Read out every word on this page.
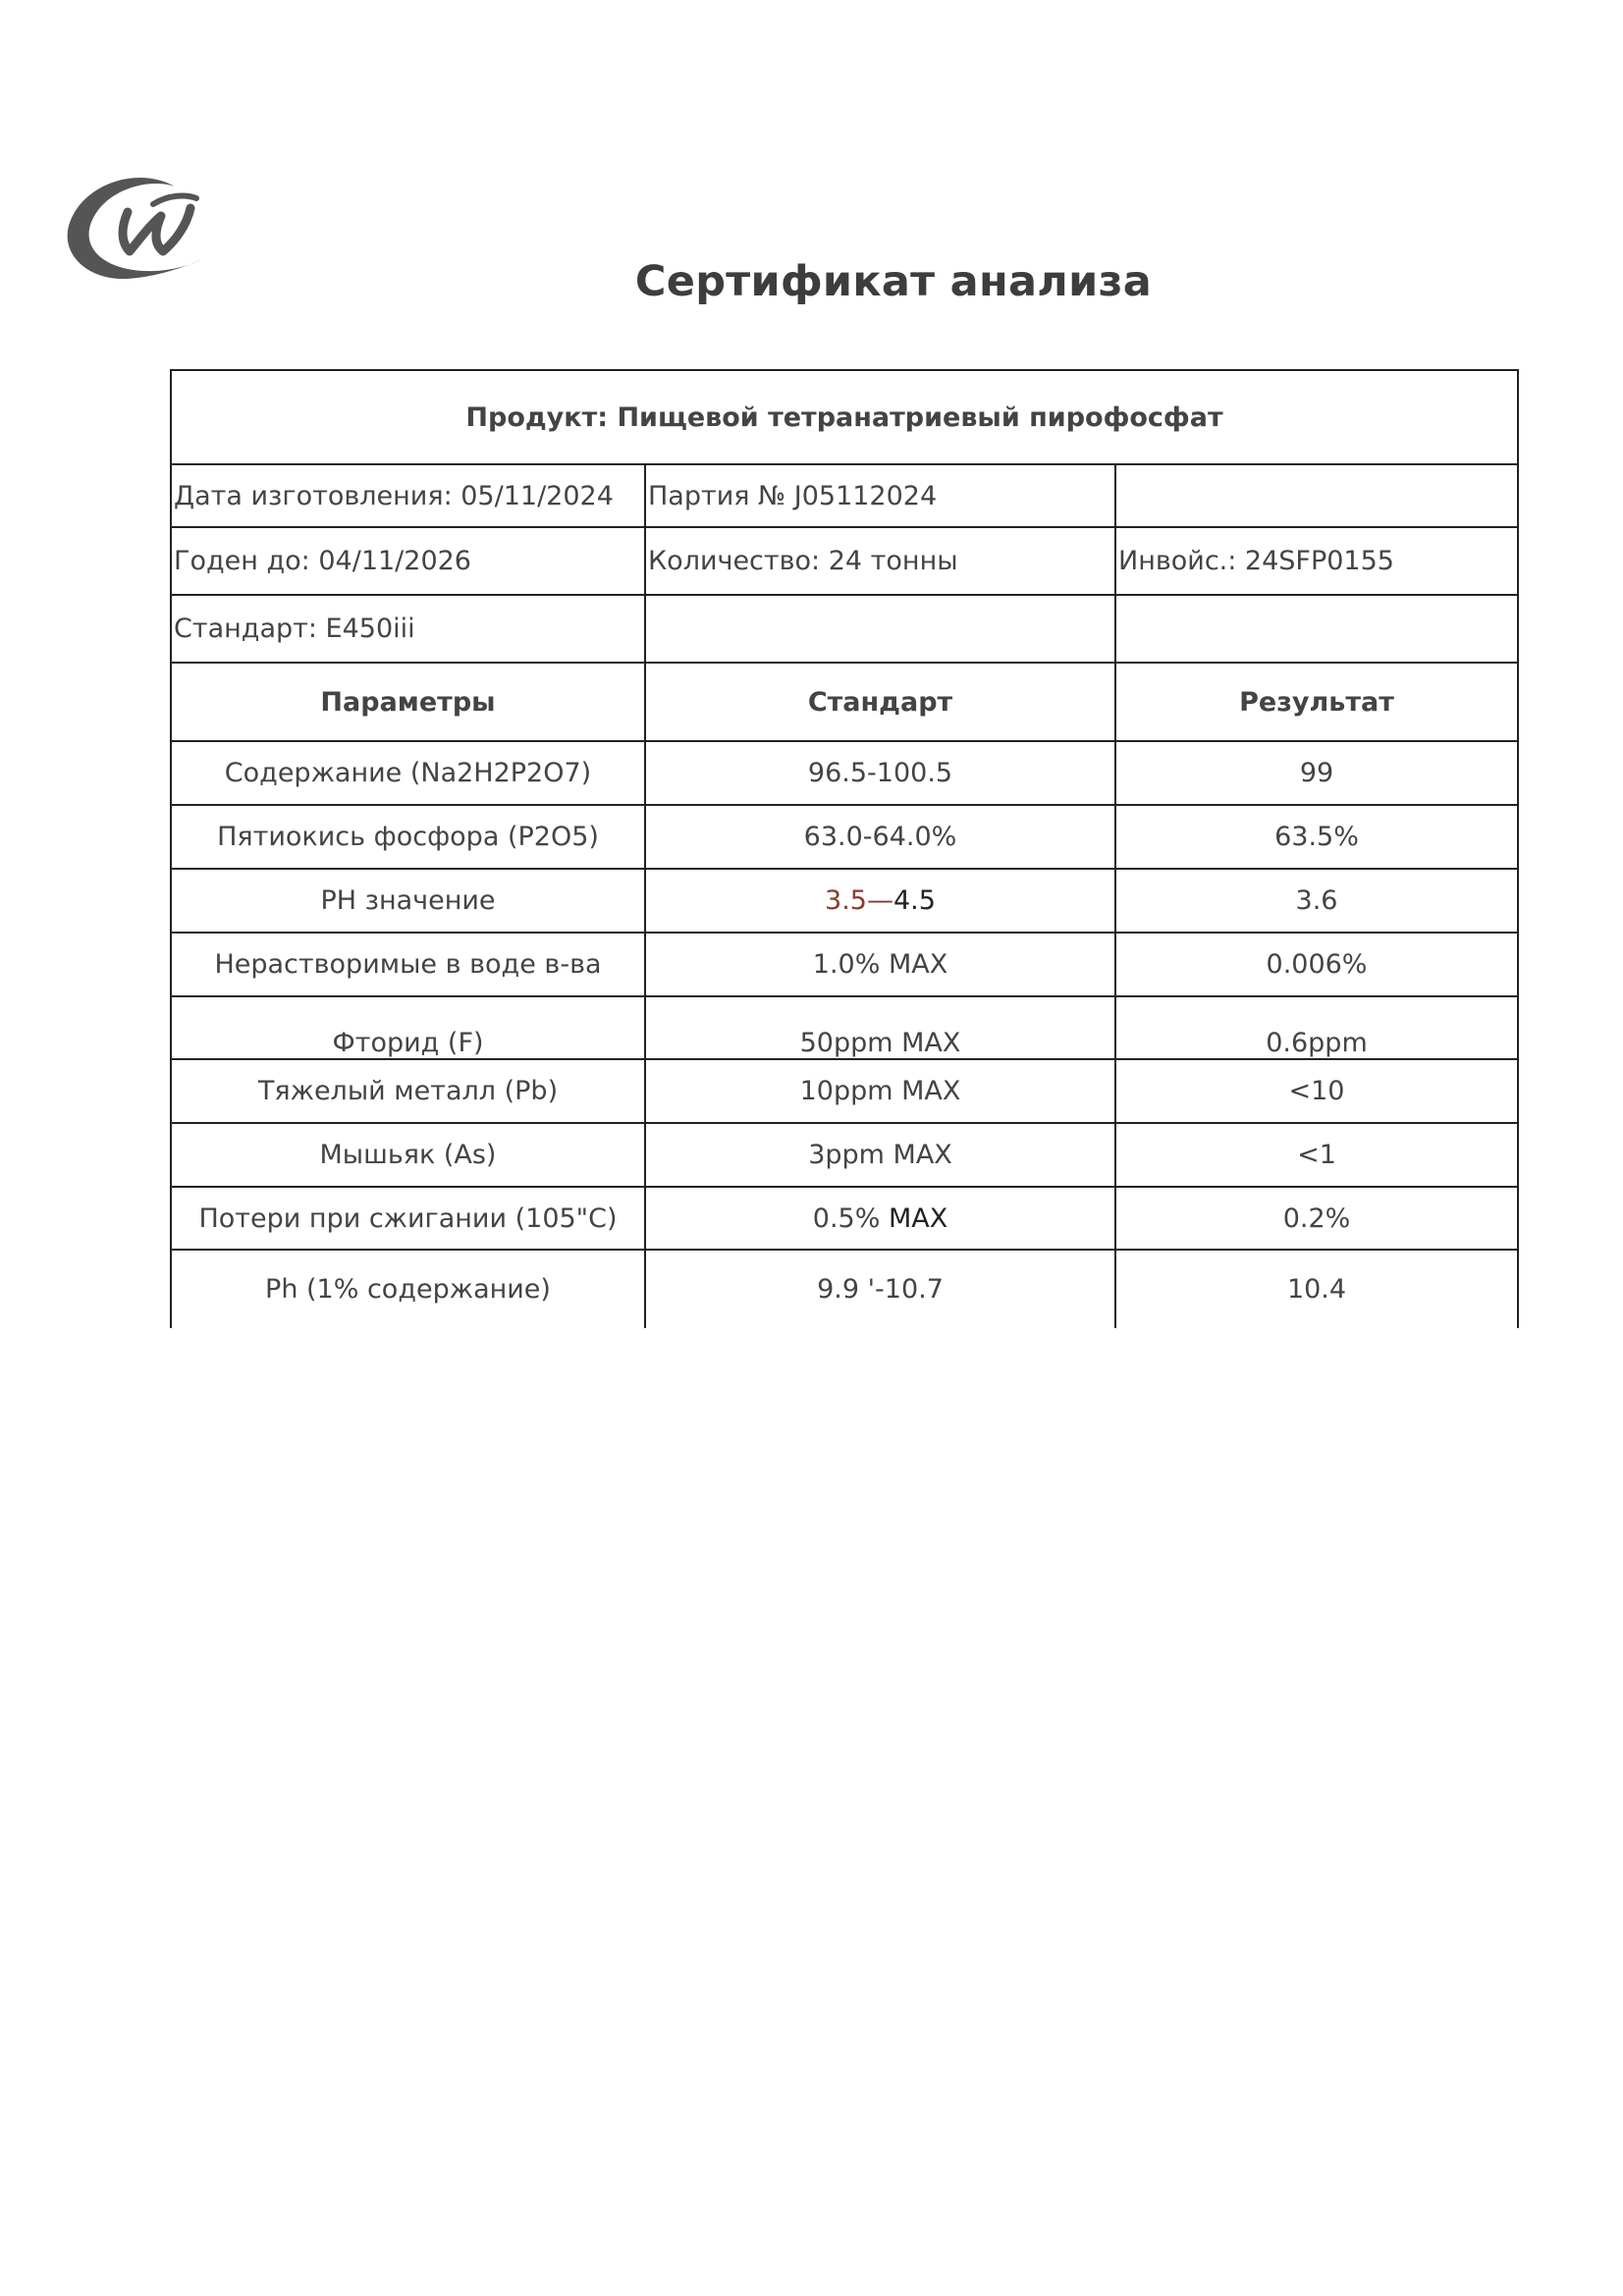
Сертификат анализа
Продукт: Пищевой тетранатриевый пирофосфат		
Дата изготовления: 05/11/2024	Партия № J05112024	
Годен до: 04/11/2026	Количество: 24 тонны	Инвойс.: 24SFP0155
Стандарт: E450iii		
Параметры	Стандарт	Результат
Содержание (Na2H2P2O7)	96.5-100.5	99
Пятиокись фосфора (P2O5)	63.0-64.0%	63.5%
PH значение	3.5—4.5	3.6
Нерастворимые в воде в-ва	1.0% MAX	0.006%
Фторид (F)	50ppm MAX	0.6ppm
Тяжелый металл (Pb)	10ppm MAX	<10
Мышьяк (As)	3ppm MAX	<1
Потери при сжигании (105"C)	0.5% MAX	0.2%
Ph (1% содержание)	9.9 '-10.7	10.4
